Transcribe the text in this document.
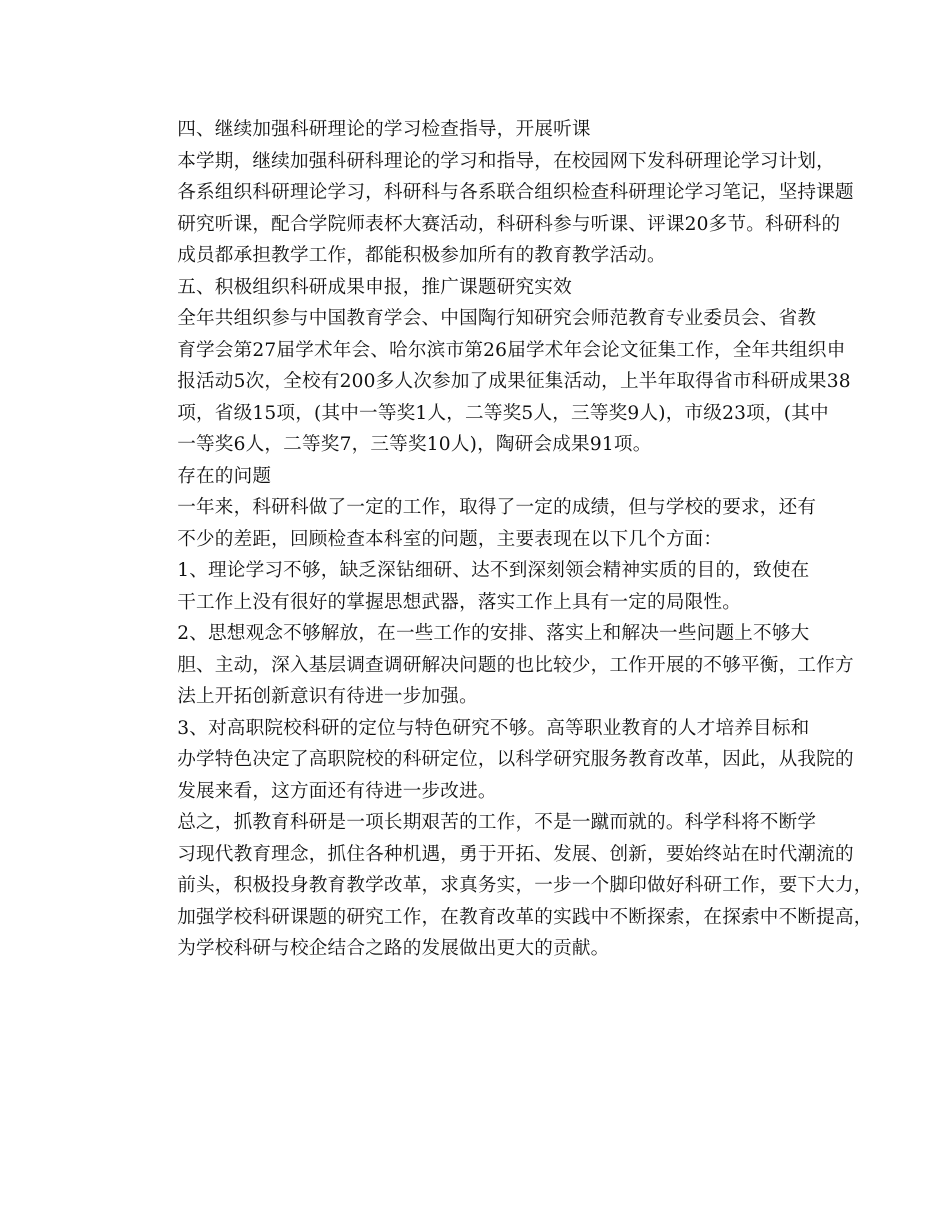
四、继续加强科研理论的学习检查指导，开展听课

本学期，继续加强科研科理论的学习和指导，在校园网下发科研理论学习计划，
各系组织科研理论学习，科研科与各系联合组织检查科研理论学习笔记，坚持课题
研究听课，配合学院师表杯大赛活动，科研科参与听课、评课20多节。科研科的
成员都承担教学工作，都能积极参加所有的教育教学活动。

五、积极组织科研成果申报，推广课题研究实效

全年共组织参与中国教育学会、中国陶行知研究会师范教育专业委员会、省教
育学会第27届学术年会、哈尔滨市第26届学术年会论文征集工作，全年共组织申
报活动5次，全校有200多人次参加了成果征集活动，上半年取得省市科研成果38
项，省级15项，(其中一等奖1人，二等奖5人，三等奖9人)，市级23项，(其中
一等奖6人，二等奖7，三等奖10人)，陶研会成果91项。

存在的问题

一年来，科研科做了一定的工作，取得了一定的成绩，但与学校的要求，还有
不少的差距，回顾检查本科室的问题，主要表现在以下几个方面：

1、理论学习不够，缺乏深钻细研、达不到深刻领会精神实质的目的，致使在
干工作上没有很好的掌握思想武器，落实工作上具有一定的局限性。

2、思想观念不够解放，在一些工作的安排、落实上和解决一些问题上不够大
胆、主动，深入基层调查调研解决问题的也比较少，工作开展的不够平衡，工作方
法上开拓创新意识有待进一步加强。

3、对高职院校科研的定位与特色研究不够。高等职业教育的人才培养目标和
办学特色决定了高职院校的科研定位，以科学研究服务教育改革，因此，从我院的
发展来看，这方面还有待进一步改进。

总之，抓教育科研是一项长期艰苦的工作，不是一蹴而就的。科学科将不断学
习现代教育理念，抓住各种机遇，勇于开拓、发展、创新，要始终站在时代潮流的
前头，积极投身教育教学改革，求真务实，一步一个脚印做好科研工作，要下大力，
加强学校科研课题的研究工作，在教育改革的实践中不断探索，在探索中不断提高，
为学校科研与校企结合之路的发展做出更大的贡献。
